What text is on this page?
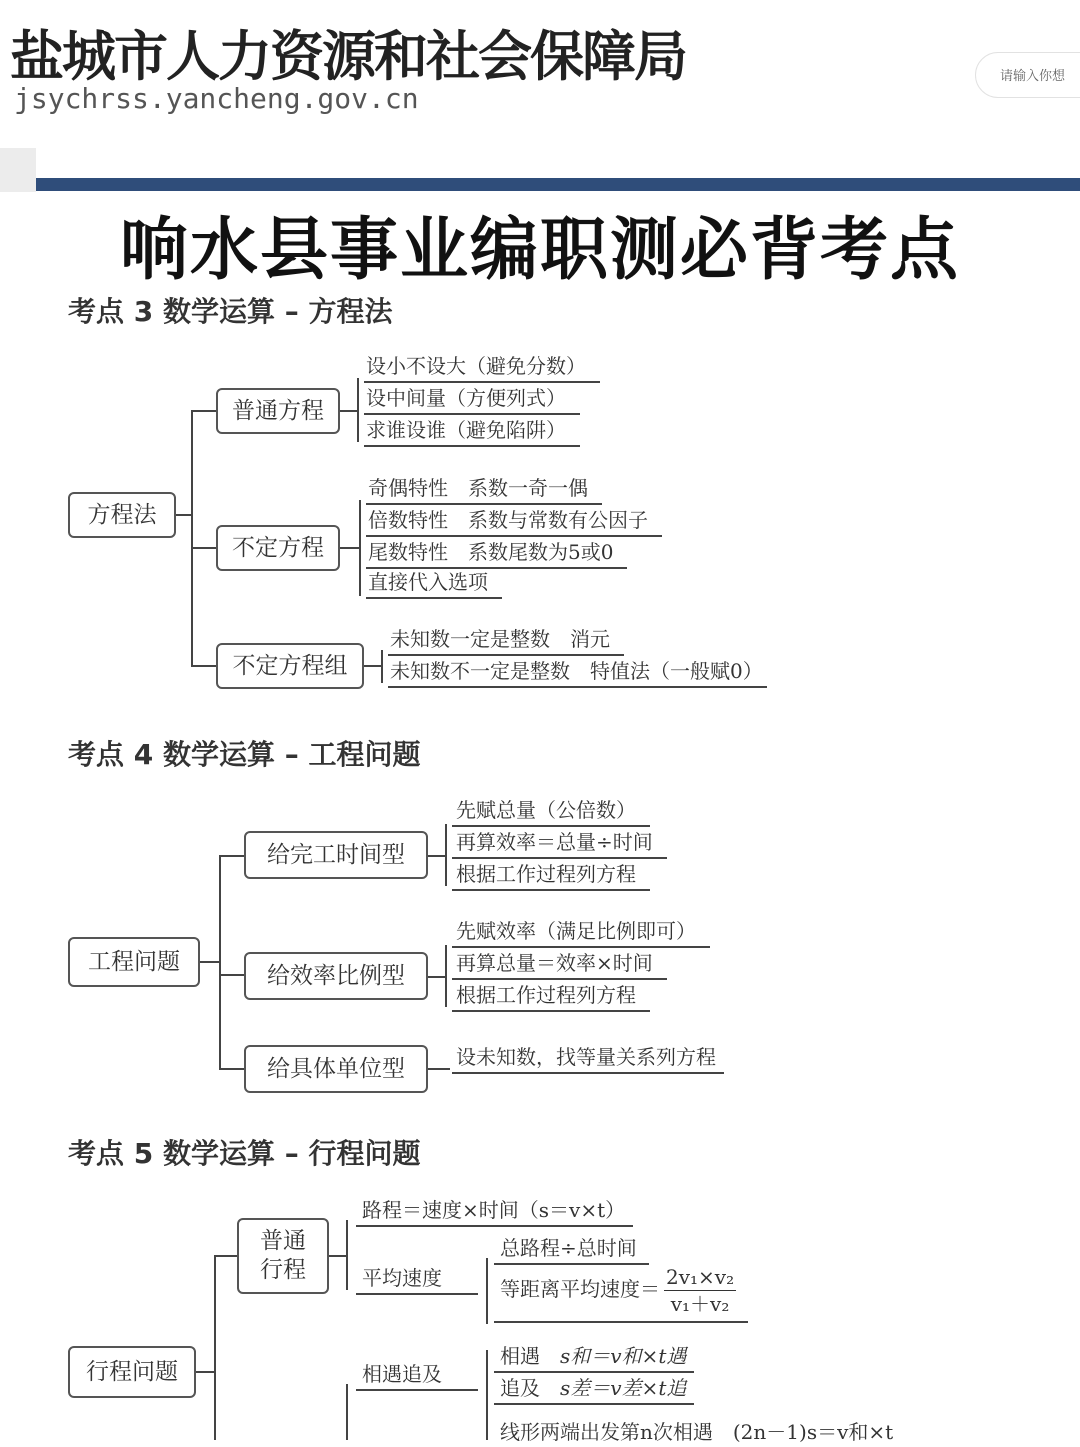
盐城市人力资源和社会保障局
jsychrss.yancheng.gov.cn
请输入你想
响水县事业编职测必背考点
考点 3 数学运算 – 方程法
方程法
普通方程
设小不设大（避免分数）
设中间量（方便列式）
求谁设谁（避免陷阱）
不定方程
奇偶特性　系数一奇一偶
倍数特性　系数与常数有公因子
尾数特性　系数尾数为5或0
直接代入选项
不定方程组
未知数一定是整数　消元
未知数不一定是整数　特值法（一般赋0）
考点 4 数学运算 – 工程问题
工程问题
给完工时间型
先赋总量（公倍数）
再算效率＝总量÷时间
根据工作过程列方程
给效率比例型
先赋效率（满足比例即可）
再算总量＝效率×时间
根据工作过程列方程
给具体单位型	设未知数，找等量关系列方程
考点 5 数学运算 – 行程问题
行程问题
普通
行程
路程＝速度×时间（s＝v×t）
平均速度
总路程÷总时间
等距离平均速度＝ $\frac{\text{2v₁×v₂}}{\text{v₁＋v₂}}$
相遇追及
相遇　 s和＝v和×t遇
追及　 s差＝v差×t追
线形两端出发第n次相遇　(2n－1)s＝v和×t
